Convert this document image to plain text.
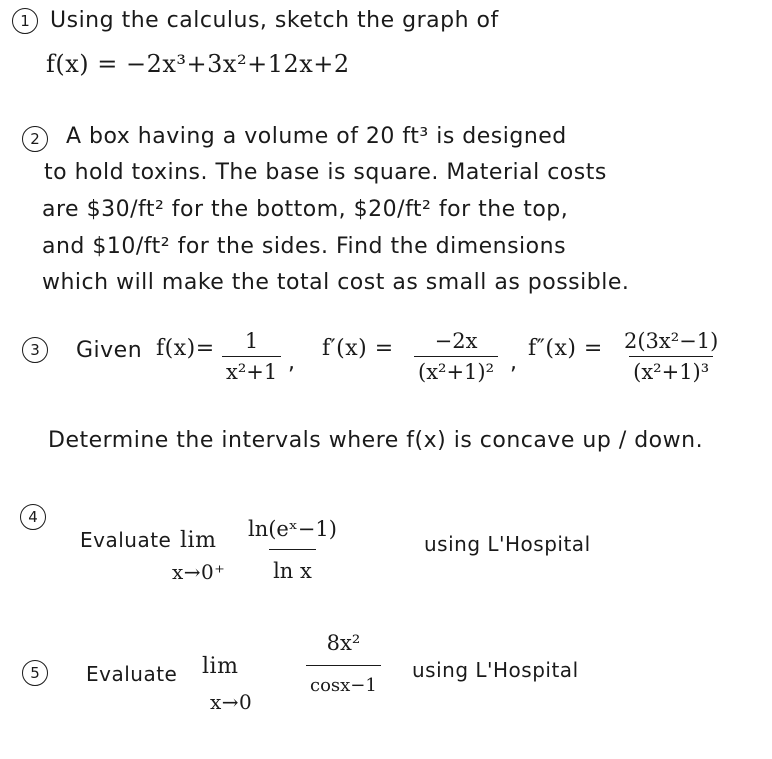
1 Using the calculus, sketch the graph of
f(x) = −2x³+3x²+12x+2
2	A box having a volume of 20 ft³ is designed
to hold toxins. The base is square. Material costs
are $30/ft² for the bottom, $20/ft² for the top,
and $10/ft² for the sides. Find the dimensions
which will make the total cost as small as possible.
3	Given $f(x)= \frac{1}{\text{x²+1}}$ ,
$f'(x) = \frac{-2x}{\text{(x²+1)²}}$ ,
$f''(x) = \frac{\text{2(3x²−1)}}{\text{(x²+1)³}}$
Determine the intervals where f(x) is concave up / down.
4
Evaluate lim
$x\to 0^+ \frac{\text{ln(eˣ−1)}}{\text{ln x}}$	using L'Hospital
5	Evaluate lim
x→0
$\frac{\text{8x²}}{\cos x-1}$ using L'Hospital
